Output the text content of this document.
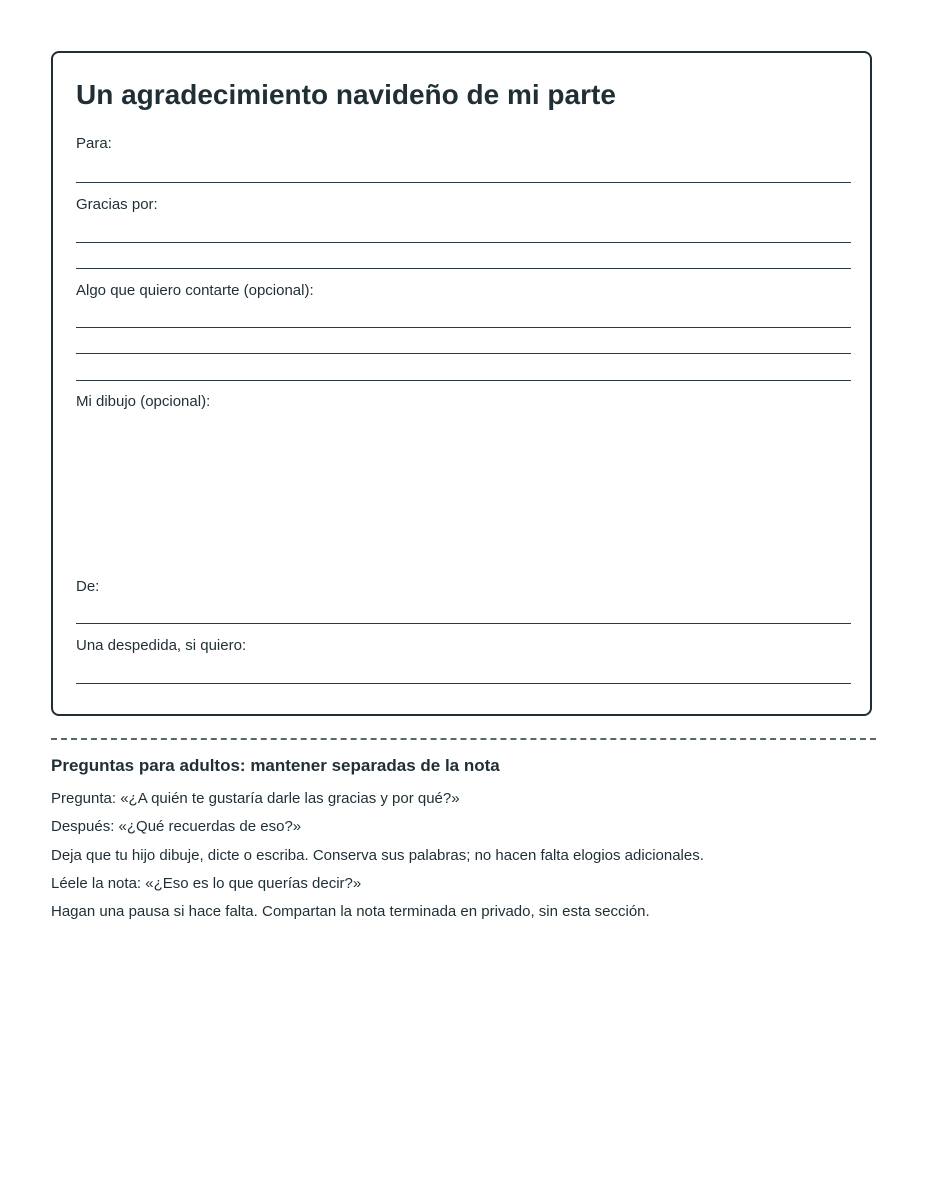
Un agradecimiento navideño de mi parte
Para:
Gracias por:
Algo que quiero contarte (opcional):
Mi dibujo (opcional):
De:
Una despedida, si quiero:
Preguntas para adultos: mantener separadas de la nota
Pregunta: «¿A quién te gustaría darle las gracias y por qué?»
Después: «¿Qué recuerdas de eso?»
Deja que tu hijo dibuje, dicte o escriba. Conserva sus palabras; no hacen falta elogios adicionales.
Léele la nota: «¿Eso es lo que querías decir?»
Hagan una pausa si hace falta. Compartan la nota terminada en privado, sin esta sección.
